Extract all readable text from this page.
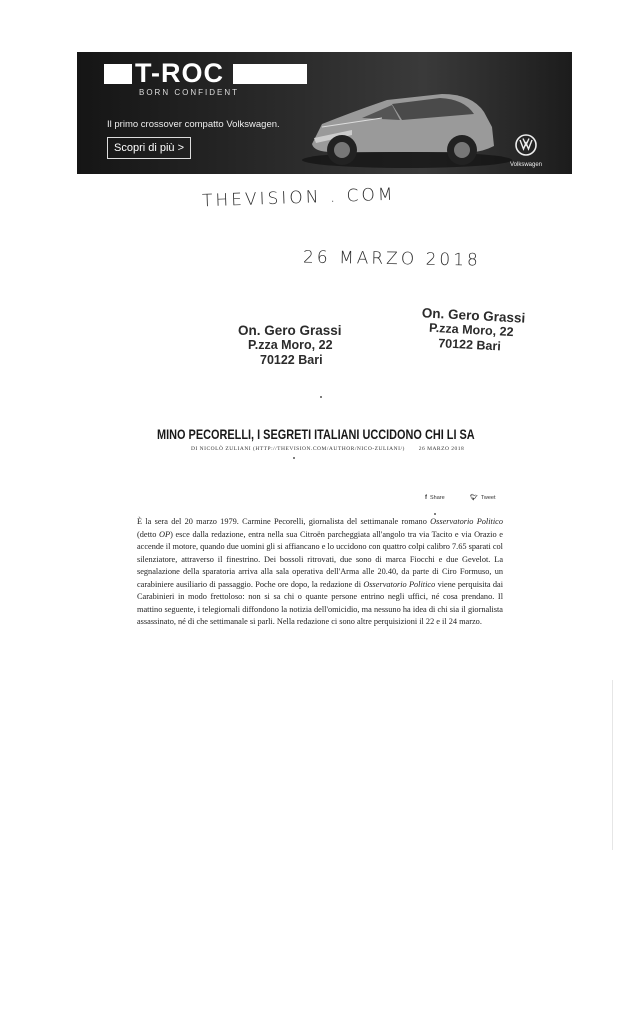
T-ROC
BORN CONFIDENT
Il primo crossover compatto Volkswagen.
Scopri di più >
Volkswagen
THEVISION . COM
26 MARZO 2018
On. Gero Grassi
P.zza Moro, 22
70122 Bari
On. Gero Grassi
P.zza Moro, 22
70122 Bari
MINO PECORELLI, I SEGRETI ITALIANI UCCIDONO CHI LI SA
DI NICOLÒ ZULIANI (HTTP://THEVISION.COM/AUTHOR/NICO-ZULIANI/)	26 MARZO 2018
f Share	🐦︎ Tweet

È la sera del 20 marzo 1979. Carmine Pecorelli, giornalista del settimanale romano Osservatorio Politico (detto OP) esce dalla redazione, entra nella sua Citroën parcheggiata all'angolo tra via Tacito e via Orazio e accende il motore, quando due uomini gli si affiancano e lo uccidono con quattro colpi calibro 7.65 sparati col silenziatore, attraverso il finestrino. Dei bossoli ritrovati, due sono di marca Fiocchi e due Gevelot. La segnalazione della sparatoria arriva alla sala operativa dell'Arma alle 20.40, da parte di Ciro Formuso, un carabiniere ausiliario di passaggio. Poche ore dopo, la redazione di Osservatorio Politico viene perquisita dai Carabinieri in modo frettoloso: non si sa chi o quante persone entrino negli uffici, né cosa prendano. Il mattino seguente, i telegiornali diffondono la notizia dell'omicidio, ma nessuno ha idea di chi sia il giornalista assassinato, né di che settimanale si parli. Nella redazione ci sono altre perquisizioni il 22 e il 24 marzo.
